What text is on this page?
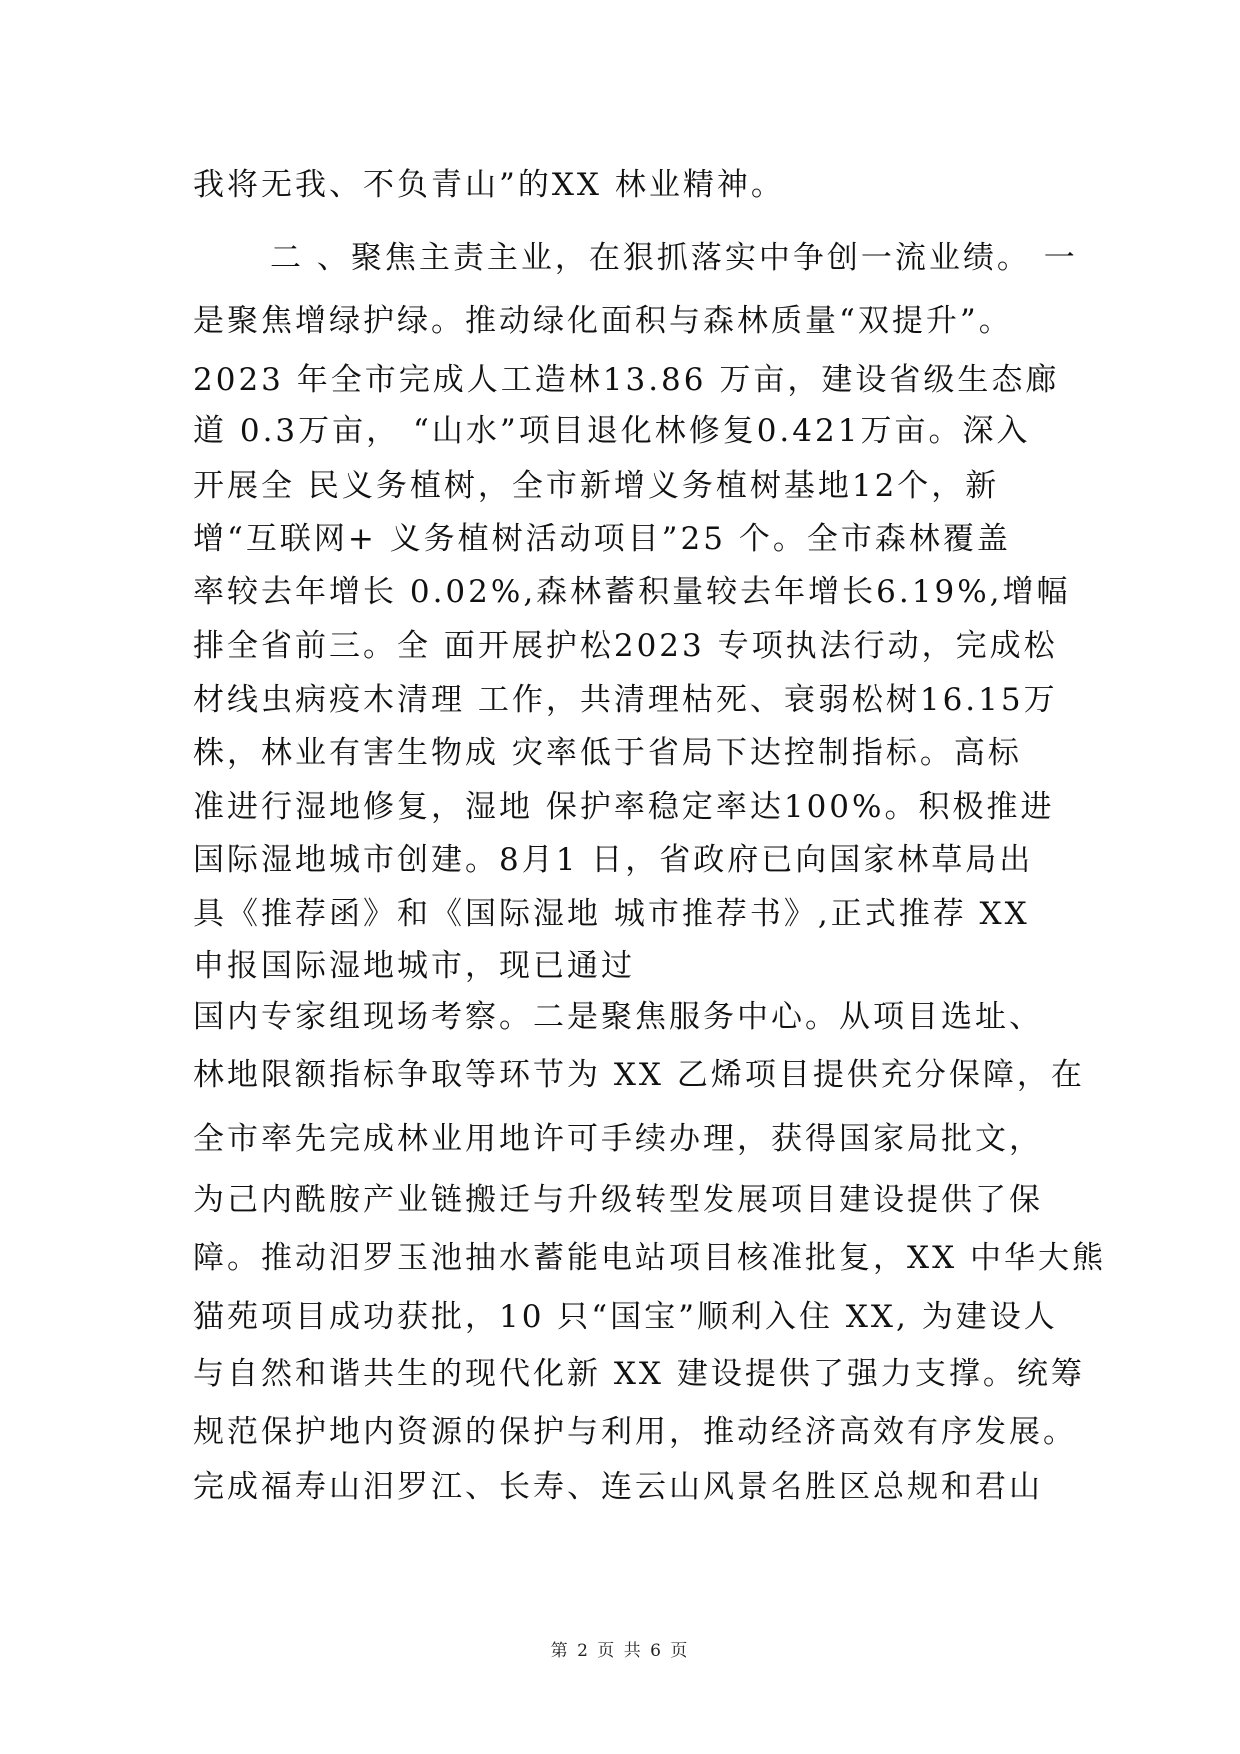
我将无我、不负青山”的XX 林业精神。
二 、聚焦主责主业，在狠抓落实中争创一流业绩。 一
是聚焦增绿护绿。推动绿化面积与森林质量“双提升”。
2023 年全市完成人工造林13.86 万亩，建设省级生态廊
道 0.3万亩， “山水”项目退化林修复0.421万亩。深入
开展全 民义务植树，全市新增义务植树基地12个，新
增“互联网+ 义务植树活动项目”25 个。全市森林覆盖
率较去年增长 0.02%,森林蓄积量较去年增长6.19%,增幅
排全省前三。全 面开展护松2023 专项执法行动，完成松
材线虫病疫木清理 工作，共清理枯死、衰弱松树16.15万
株，林业有害生物成 灾率低于省局下达控制指标。高标
准进行湿地修复，湿地 保护率稳定率达100%。积极推进
国际湿地城市创建。8月1 日，省政府已向国家林草局出
具《推荐函》和《国际湿地 城市推荐书》,正式推荐 XX
申报国际湿地城市，现已通过
国内专家组现场考察。二是聚焦服务中心。从项目选址、
林地限额指标争取等环节为 XX 乙烯项目提供充分保障，在
全市率先完成林业用地许可手续办理，获得国家局批文，
为己内酰胺产业链搬迁与升级转型发展项目建设提供了保
障。推动汨罗玉池抽水蓄能电站项目核准批复，XX 中华大熊
猫苑项目成功获批，10 只“国宝”顺利入住 XX, 为建设人
与自然和谐共生的现代化新 XX 建设提供了强力支撑。统筹
规范保护地内资源的保护与利用，推动经济高效有序发展。
完成福寿山汨罗江、长寿、连云山风景名胜区总规和君山
第 2 页 共 6 页
